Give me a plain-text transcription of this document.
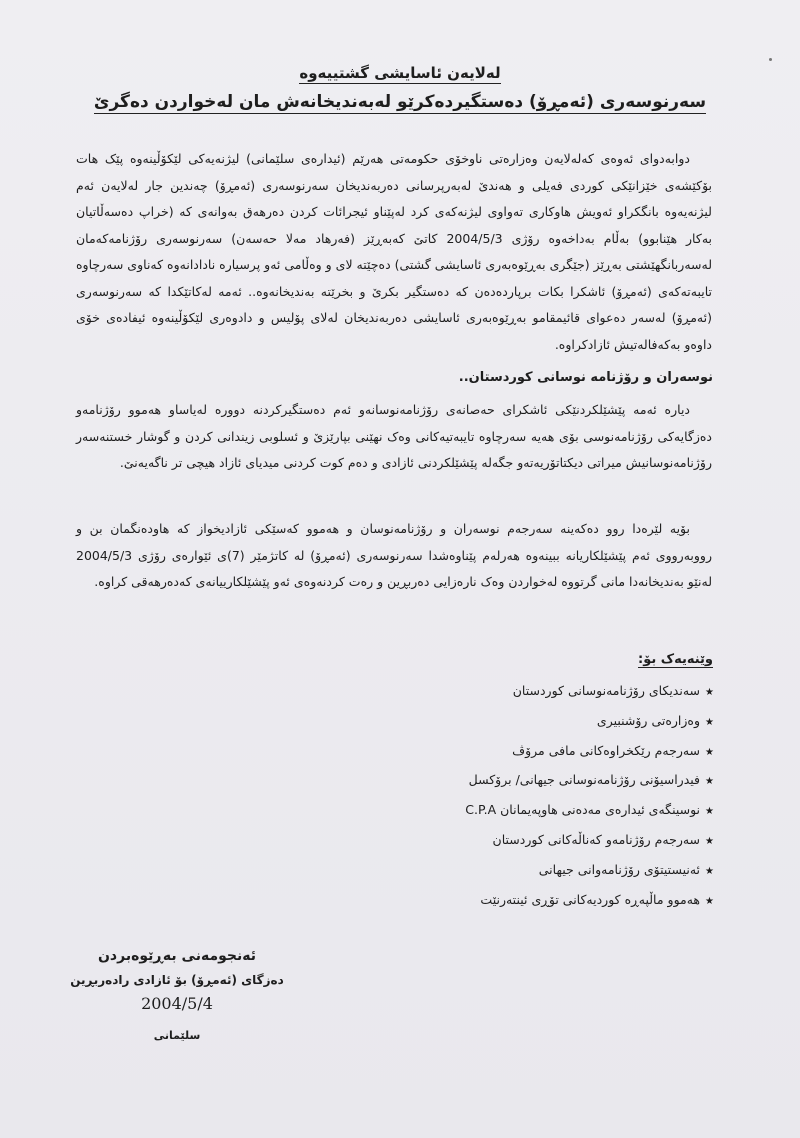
لەلایەن ئاسایشی گشتییەوە
سەرنوسەری (ئەمڕۆ) دەستگیردەکرێو لەبەندیخانەش مان لەخواردن دەگرێ
دوابەدوای ئەوەی کەلەلایەن وەزارەتی ناوخۆی حکومەتی هەرێم (ئیدارەی سلێمانی) لیژنەیەکی لێکۆڵینەوە پێک هات بۆکێشەی خێزانێکی کوردی فەیلی و هەندێ لەبەرپرسانی دەربەندیخان سەرنوسەری (ئەمڕۆ) چەندین جار لەلایەن ئەم لیژنەیەوە بانگکراو ئەویش هاوکاری تەواوی لیژنەکەی کرد لەپێناو ئیجرائات کردن دەرهەق بەوانەی کە (خراپ دەسەڵاتیان بەکار هێنابوو) بەڵام بەداخەوە رۆژی 2004/5/3 کاتێ کەبەڕێز (فەرهاد مەلا حەسەن) سەرنوسەری رۆژنامەکەمان لەسەربانگهێشتی بەڕێز (جێگری بەڕێوەبەری ئاسایشی گشتی) دەچێتە لای و وەڵامی ئەو پرسیارە نادادانەوە کەناوی سەرچاوە تایبەتەکەی (ئەمڕۆ) ئاشکرا بکات برپاردەدەن کە دەستگیر بکرێ و بخرێتە بەندیخانەوە.. ئەمە لەکاتێکدا کە سەرنوسەری (ئەمڕۆ) لەسەر دەعوای قائیمقامو بەڕێوەبەری ئاسایشی دەربەندیخان لەلای پۆلیس و دادوەری لێکۆڵینەوە ئیفادەی خۆی داوەو بەکەفالەتیش ئازادکراوە.
نوسەران و رۆژنامە نوسانی کوردستان..
دیارە ئەمە پێشێلکردنێکی ئاشکرای حەصانەی رۆژنامەنوسانەو ئەم دەستگیرکردنە دووره لەیاساو هەموو رۆژنامەو دەزگایەکی رۆژنامەنوسی بۆی هەیە سەرچاوە تایبەتیەکانی وەک نهێنی بپارێزێ و ئسلوبی زیندانی کردن و گوشار خستنەسەر رۆژنامەنوسانیش میراتی دیکتاتۆریەتەو جگەلە پێشێلکردنی ئازادی و دەم کوت کردنی میدیای ئازاد هیچی تر ناگەیەنێ.
بۆیە لێرەدا روو دەکەینە سەرجەم نوسەران و رۆژنامەنوسان و هەموو کەسێکی ئازادیخواز کە هاودەنگمان بن و رووبەرووی ئەم پێشێلکاریانە ببینەوە هەرلەم پێناوەشدا سەرنوسەری (ئەمڕۆ) لە کاتژمێر (7)ی ئێوارەی رۆژی 2004/5/3 لەنێو بەندیخانەدا مانی گرتووە لەخواردن وەک نارەزایی دەربڕین و رەت کردنەوەی ئەو پێشێلکارییانەی کەدەرهەقی کراوە.
وێنەیەک بۆ:
★سەندیکای رۆژنامەنوسانی کوردستان
★وەزارەتی رۆشنبیری
★سەرجەم رێکخراوەکانی مافی مرۆڤ
★فیدراسیۆنی رۆژنامەنوسانی جیهانی/ برۆکسل
★نوسینگەی ئیدارەی مەدەنی هاوپەیمانان C.P.A
★سەرجەم رۆژنامەو کەناڵەکانی کوردستان
★ئەنیستیتۆی رۆژنامەوانی جیهانی
★هەموو ماڵپەڕە کوردیەکانی تۆڕی ئینتەرنێت
ئەنجومەنی بەڕێوەبردن
دەزگای (ئەمڕۆ) بۆ ئازادی رادەربڕین
2004/5/4
سلێمانی
